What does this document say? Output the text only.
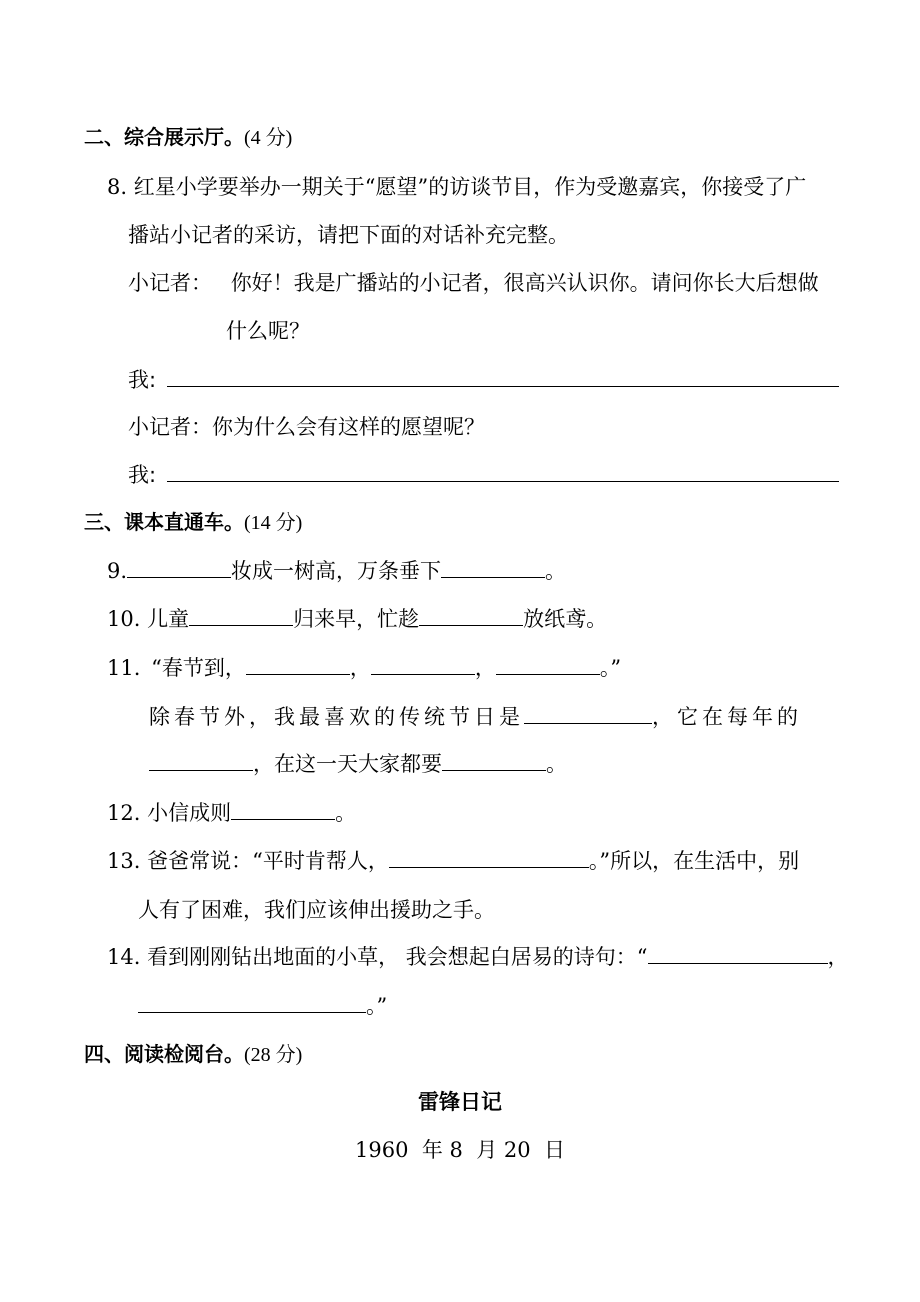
二、综合展示厅。(4 分)
8. 红星小学要举办一期关于“愿望”的访谈节目，作为受邀嘉宾，你接受了广
播站小记者的采访，请把下面的对话补充完整。
小记者： 你好！我是广播站的小记者，很高兴认识你。请问你长大后想做
什么呢？
我:
小记者：你为什么会有这样的愿望呢？
我:
三、课本直通车。(14 分)
9.	妆成一树高，万条垂下	。
10. 儿童	归来早，忙趁	放纸鸢。
11. “春节到，	，	，	。”
除春节外，我最喜欢的传统节日是	，它在每年的
，在这一天大家都要	。
12. 小信成则	。
13. 爸爸常说：“平时肯帮人，	。”所以，在生活中，别
人有了困难，我们应该伸出援助之手。
14. 看到刚刚钻出地面的小草， 我会想起白居易的诗句：“	，
。”
四、阅读检阅台。(28 分)
雷锋日记
1960  年 8  月 20  日
